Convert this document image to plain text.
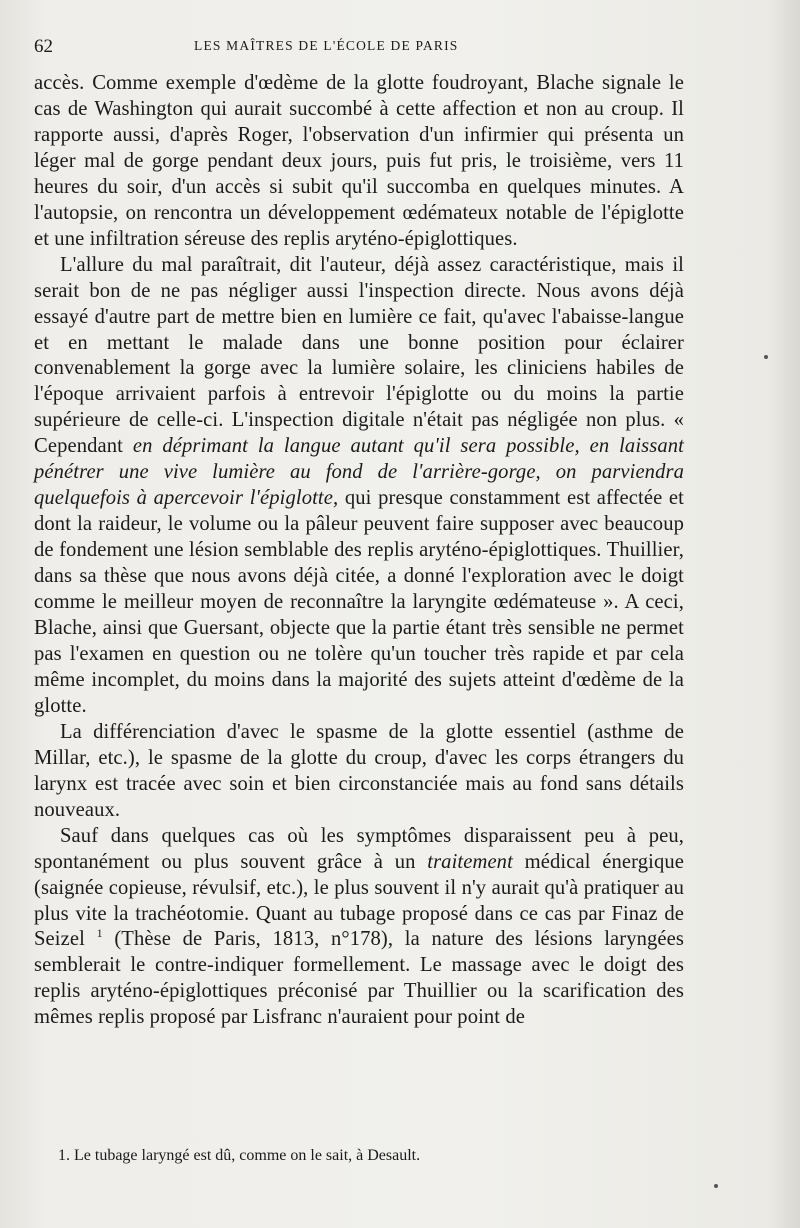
62	LES MAÎTRES DE L'ÉCOLE DE PARIS

accès. Comme exemple d'œdème de la glotte foudroyant, Blache signale le cas de Washington qui aurait succombé à cette affection et non au croup. Il rapporte aussi, d'après Roger, l'observation d'un infirmier qui présenta un léger mal de gorge pendant deux jours, puis fut pris, le troisième, vers 11 heures du soir, d'un accès si subit qu'il succomba en quelques minutes. A l'autopsie, on rencontra un développement œdémateux notable de l'épiglotte et une infiltration séreuse des replis aryténo-épiglottiques.

L'allure du mal paraîtrait, dit l'auteur, déjà assez caractéristique, mais il serait bon de ne pas négliger aussi l'inspection directe. Nous avons déjà essayé d'autre part de mettre bien en lumière ce fait, qu'avec l'abaisse-langue et en mettant le malade dans une bonne position pour éclairer convenablement la gorge avec la lumière solaire, les cliniciens habiles de l'époque arrivaient parfois à entrevoir l'épiglotte ou du moins la partie supérieure de celle-ci. L'inspection digitale n'était pas négligée non plus. « Cependant en déprimant la langue autant qu'il sera possible, en laissant pénétrer une vive lumière au fond de l'arrière-gorge, on parviendra quelquefois à apercevoir l'épiglotte, qui presque constamment est affectée et dont la raideur, le volume ou la pâleur peuvent faire supposer avec beaucoup de fondement une lésion semblable des replis aryténo-épiglottiques. Thuillier, dans sa thèse que nous avons déjà citée, a donné l'exploration avec le doigt comme le meilleur moyen de reconnaître la laryngite œdémateuse ». A ceci, Blache, ainsi que Guersant, objecte que la partie étant très sensible ne permet pas l'examen en question ou ne tolère qu'un toucher très rapide et par cela même incomplet, du moins dans la majorité des sujets atteint d'œdème de la glotte.

La différenciation d'avec le spasme de la glotte essentiel (asthme de Millar, etc.), le spasme de la glotte du croup, d'avec les corps étrangers du larynx est tracée avec soin et bien circonstanciée mais au fond sans détails nouveaux.

Sauf dans quelques cas où les symptômes disparaissent peu à peu, spontanément ou plus souvent grâce à un traitement médical énergique (saignée copieuse, révulsif, etc.), le plus souvent il n'y aurait qu'à pratiquer au plus vite la trachéotomie. Quant au tubage proposé dans ce cas par Finaz de Seizel $^1$ (Thèse de Paris, 1813, n°178), la nature des lésions laryngées semblerait le contre-indiquer formellement. Le massage avec le doigt des replis aryténo-épiglottiques préconisé par Thuillier ou la scarification des mêmes replis proposé par Lisfranc n'auraient pour point de

1. Le tubage laryngé est dû, comme on le sait, à Desault.
